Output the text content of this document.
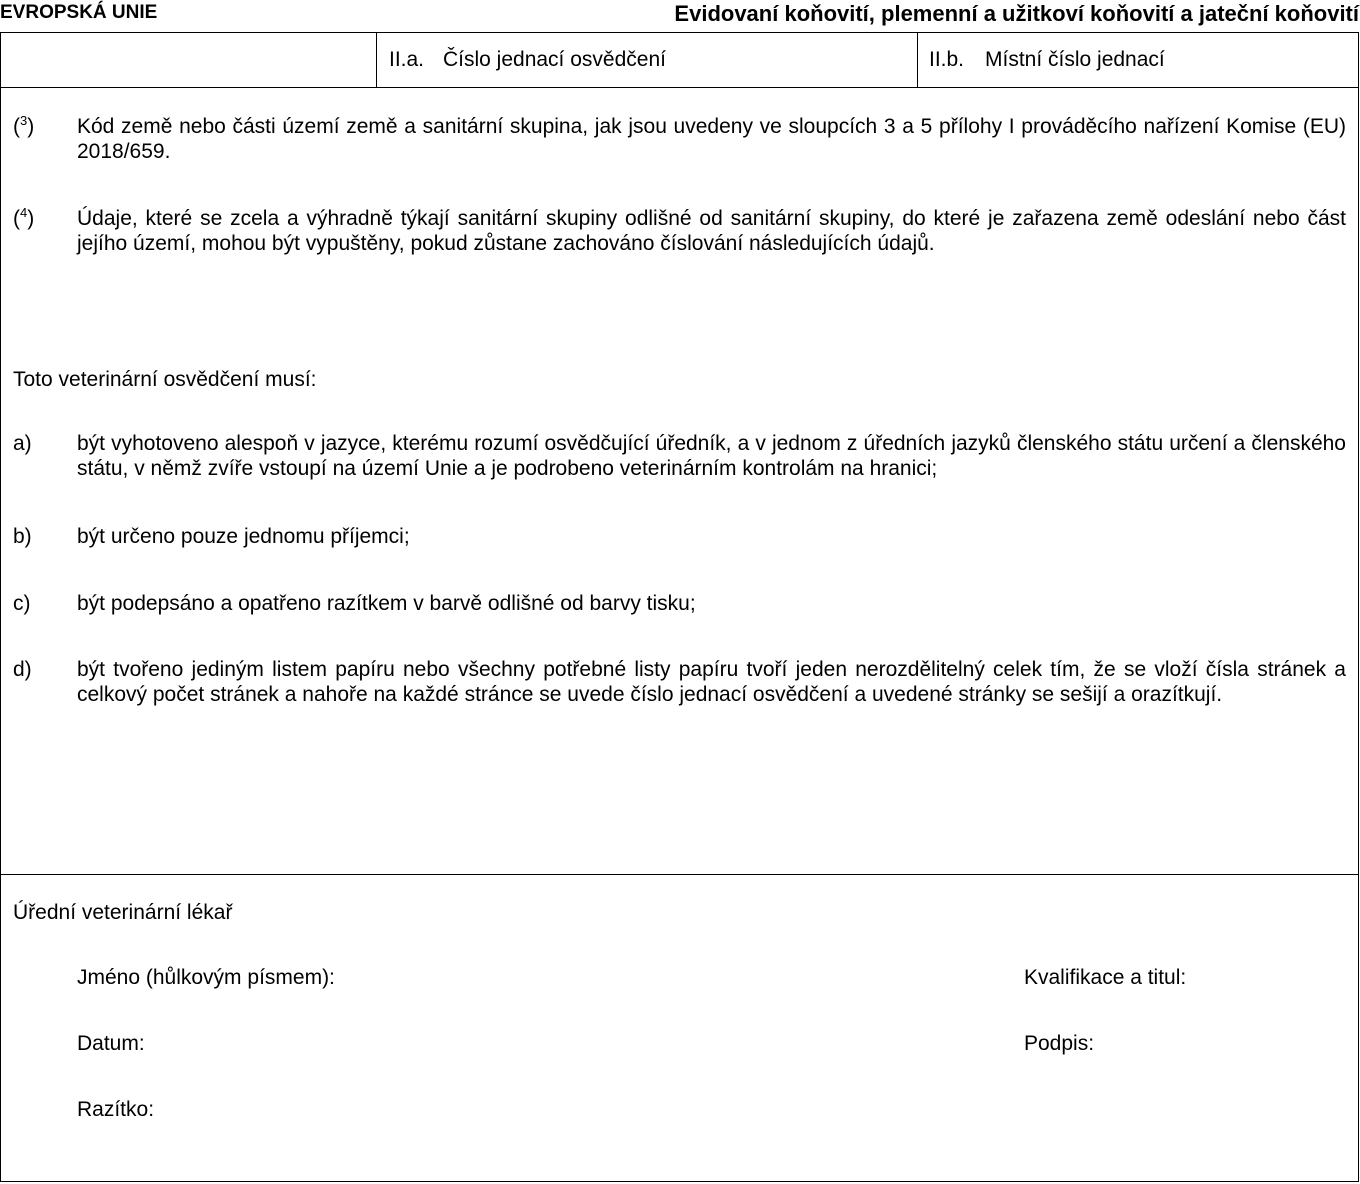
EVROPSKÁ UNIE	Evidovaní koňovití, plemenní a užitkoví koňovití a jateční koňovití
II.a. Číslo jednací osvědčení	II.b. Místní číslo jednací
($^3$) Kód země nebo části území země a sanitární skupina, jak jsou uvedeny ve sloupcích 3 a 5 přílohy I prováděcího nařízení Komise (EU) 2018/659.
($^4$) Údaje, které se zcela a výhradně týkají sanitární skupiny odlišné od sanitární skupiny, do které je zařazena země odeslání nebo část jejího území, mohou být vypuštěny, pokud zůstane zachováno číslování následujících údajů.
Toto veterinární osvědčení musí:
a) být vyhotoveno alespoň v jazyce, kterému rozumí osvědčující úředník, a v jednom z úředních jazyků členského státu určení a členského státu, v němž zvíře vstoupí na území Unie a je podrobeno veterinárním kontrolám na hranici;
b) být určeno pouze jednomu příjemci;
c) být podepsáno a opatřeno razítkem v barvě odlišné od barvy tisku;
d) být tvořeno jediným listem papíru nebo všechny potřebné listy papíru tvoří jeden nerozdělitelný celek tím, že se vloží čísla stránek a celkový počet stránek a nahoře na každé stránce se uvede číslo jednací osvědčení a uvedené stránky se sešijí a orazítkují.
Úřední veterinární lékař
Jméno (hůlkovým písmem):	Kvalifikace a titul:
Datum:	Podpis:
Razítko:
